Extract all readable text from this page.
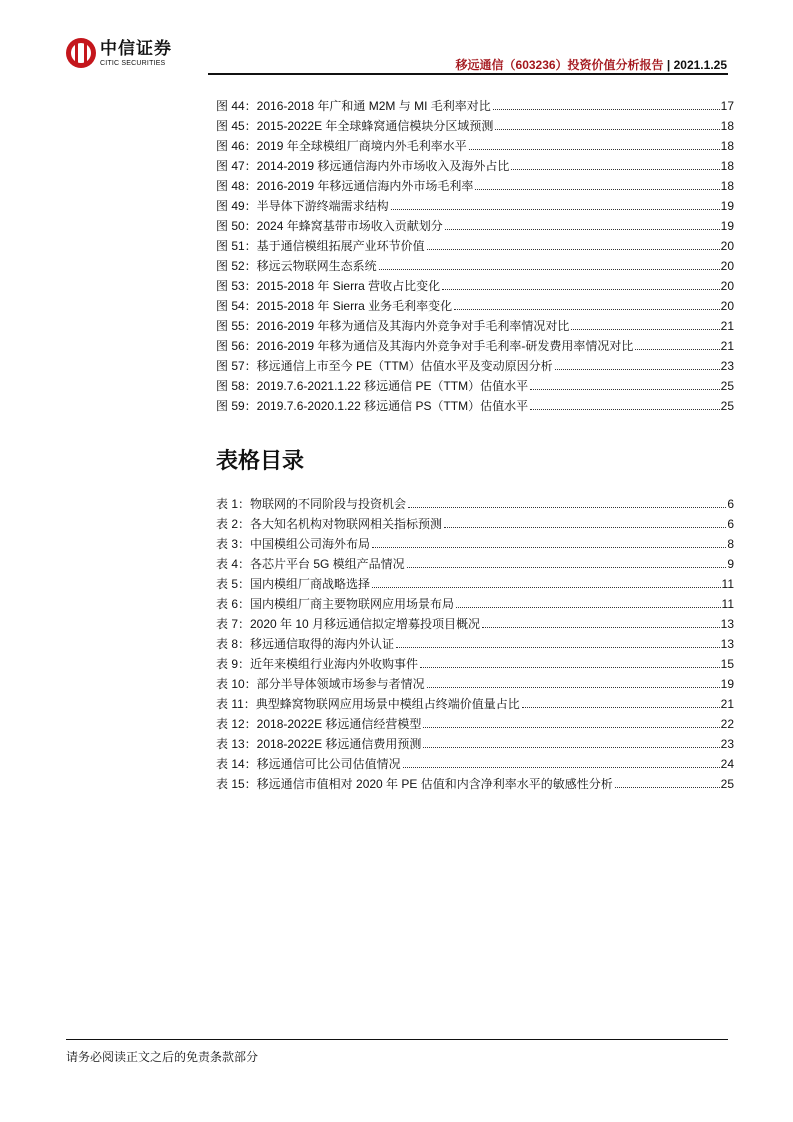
中信证券
CITIC SECURITIES	移远通信（603236）投资价值分析报告 | 2021.1.25
图 44：2016-2018 年广和通 M2M 与 MI 毛利率对比	17
图 45：2015-2022E 年全球蜂窝通信模块分区域预测	18
图 46：2019 年全球模组厂商境内外毛利率水平	18
图 47：2014-2019 移远通信海内外市场收入及海外占比	18
图 48：2016-2019 年移远通信海内外市场毛利率	18
图 49：半导体下游终端需求结构	19
图 50：2024 年蜂窝基带市场收入贡献划分	19
图 51：基于通信模组拓展产业环节价值	20
图 52：移远云物联网生态系统	20
图 53：2015-2018 年 Sierra 营收占比变化	20
图 54：2015-2018 年 Sierra 业务毛利率变化	20
图 55：2016-2019 年移为通信及其海内外竞争对手毛利率情况对比	21
图 56：2016-2019 年移为通信及其海内外竞争对手毛利率-研发费用率情况对比	21
图 57：移远通信上市至今 PE（TTM）估值水平及变动原因分析	23
图 58：2019.7.6-2021.1.22 移远通信 PE（TTM）估值水平	25
图 59：2019.7.6-2020.1.22 移远通信 PS（TTM）估值水平	25
表格目录
表 1：物联网的不同阶段与投资机会	6
表 2：各大知名机构对物联网相关指标预测	6
表 3：中国模组公司海外布局	8
表 4：各芯片平台 5G 模组产品情况	9
表 5：国内模组厂商战略选择	11
表 6：国内模组厂商主要物联网应用场景布局	11
表 7：2020 年 10 月移远通信拟定增募投项目概况	13
表 8：移远通信取得的海内外认证	13
表 9：近年来模组行业海内外收购事件	15
表 10：部分半导体领域市场参与者情况	19
表 11：典型蜂窝物联网应用场景中模组占终端价值量占比	21
表 12：2018-2022E 移远通信经营模型	22
表 13：2018-2022E 移远通信费用预测	23
表 14：移远通信可比公司估值情况	24
表 15：移远通信市值相对 2020 年 PE 估值和内含净利率水平的敏感性分析	25
请务必阅读正文之后的免责条款部分
